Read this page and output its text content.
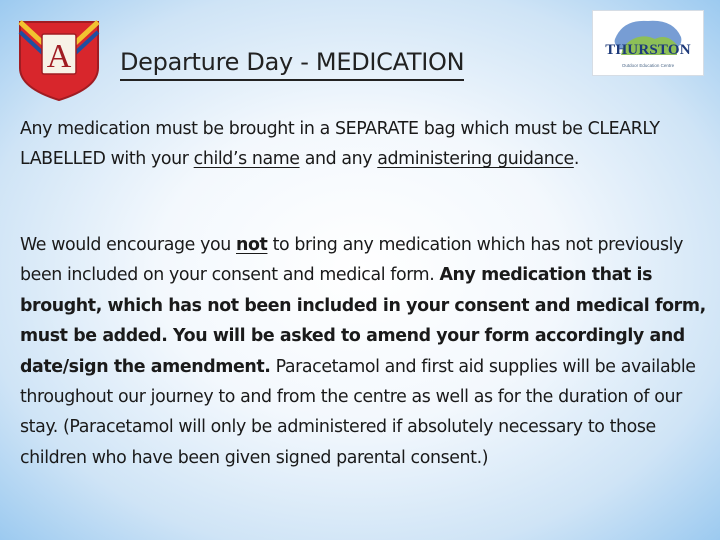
A	THURSTON
Outdoor Education Centre
Departure Day - MEDICATION
Any medication must be brought in a SEPARATE bag which must be CLEARLY LABELLED with your child’s name and any administering guidance.
We would encourage you not to bring any medication which has not previously been included on your consent and medical form. Any medication that is brought, which has not been included in your consent and medical form, must be added. You will be asked to amend your form accordingly and date/sign the amendment. Paracetamol and first aid supplies will be available throughout our journey to and from the centre as well as for the duration of our stay. (Paracetamol will only be administered if absolutely necessary to those children who have been given signed parental consent.)
